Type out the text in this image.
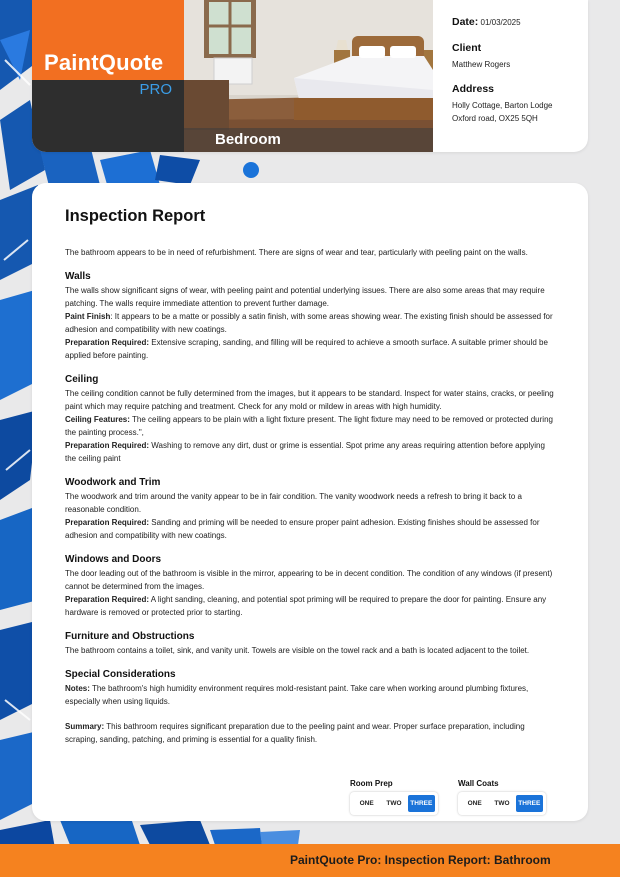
PaintQuote
PRO
Bedroom
Date: 01/03/2025
Client
Matthew Rogers
Address
Holly Cottage, Barton Lodge
Oxford road, OX25 5QH
Inspection Report

The bathroom appears to be in need of refurbishment. There are signs of wear and tear, particularly with peeling paint on the walls.

Walls

The walls show significant signs of wear, with peeling paint and potential underlying issues. There are also some areas that may require patching. The walls require immediate attention to prevent further damage.

Paint Finish: It appears to be a matte or possibly a satin finish, with some areas showing wear. The existing finish should be assessed for adhesion and compatibility with new coatings.

Preparation Required: Extensive scraping, sanding, and filling will be required to achieve a smooth surface. A suitable primer should be applied before painting.

Ceiling

The ceiling condition cannot be fully determined from the images, but it appears to be standard. Inspect for water stains, cracks, or peeling paint which may require patching and treatment. Check for any mold or mildew in areas with high humidity.

Ceiling Features: The ceiling appears to be plain with a light fixture present. The light fixture may need to be removed or protected during the painting process.",

Preparation Required: Washing to remove any dirt, dust or grime is essential. Spot prime any areas requiring attention before applying the ceiling paint

Woodwork and Trim

The woodwork and trim around the vanity appear to be in fair condition. The vanity woodwork needs a refresh to bring it back to a reasonable condition.

Preparation Required: Sanding and priming will be needed to ensure proper paint adhesion. Existing finishes should be assessed for adhesion and compatibility with new coatings.

Windows and Doors

The door leading out of the bathroom is visible in the mirror, appearing to be in decent condition. The condition of any windows (if present) cannot be determined from the images.

Preparation Required: A light sanding, cleaning, and potential spot priming will be required to prepare the door for painting. Ensure any hardware is removed or protected prior to starting.

Furniture and Obstructions

The bathroom contains a toilet, sink, and vanity unit. Towels are visible on the towel rack and a bath is located adjacent to the toilet.

Special Considerations

Notes: The bathroom's high humidity environment requires mold-resistant paint. Take care when working around plumbing fixtures, especially when using liquids.

Summary: This bathroom requires significant preparation due to the peeling paint and wear. Proper surface preparation, including scraping, sanding, patching, and priming is essential for a quality finish.

Room Prep
ONE	TWO	THREE
Wall Coats
ONE	TWO	THREE
PaintQuote Pro: Inspection Report: Bathroom
